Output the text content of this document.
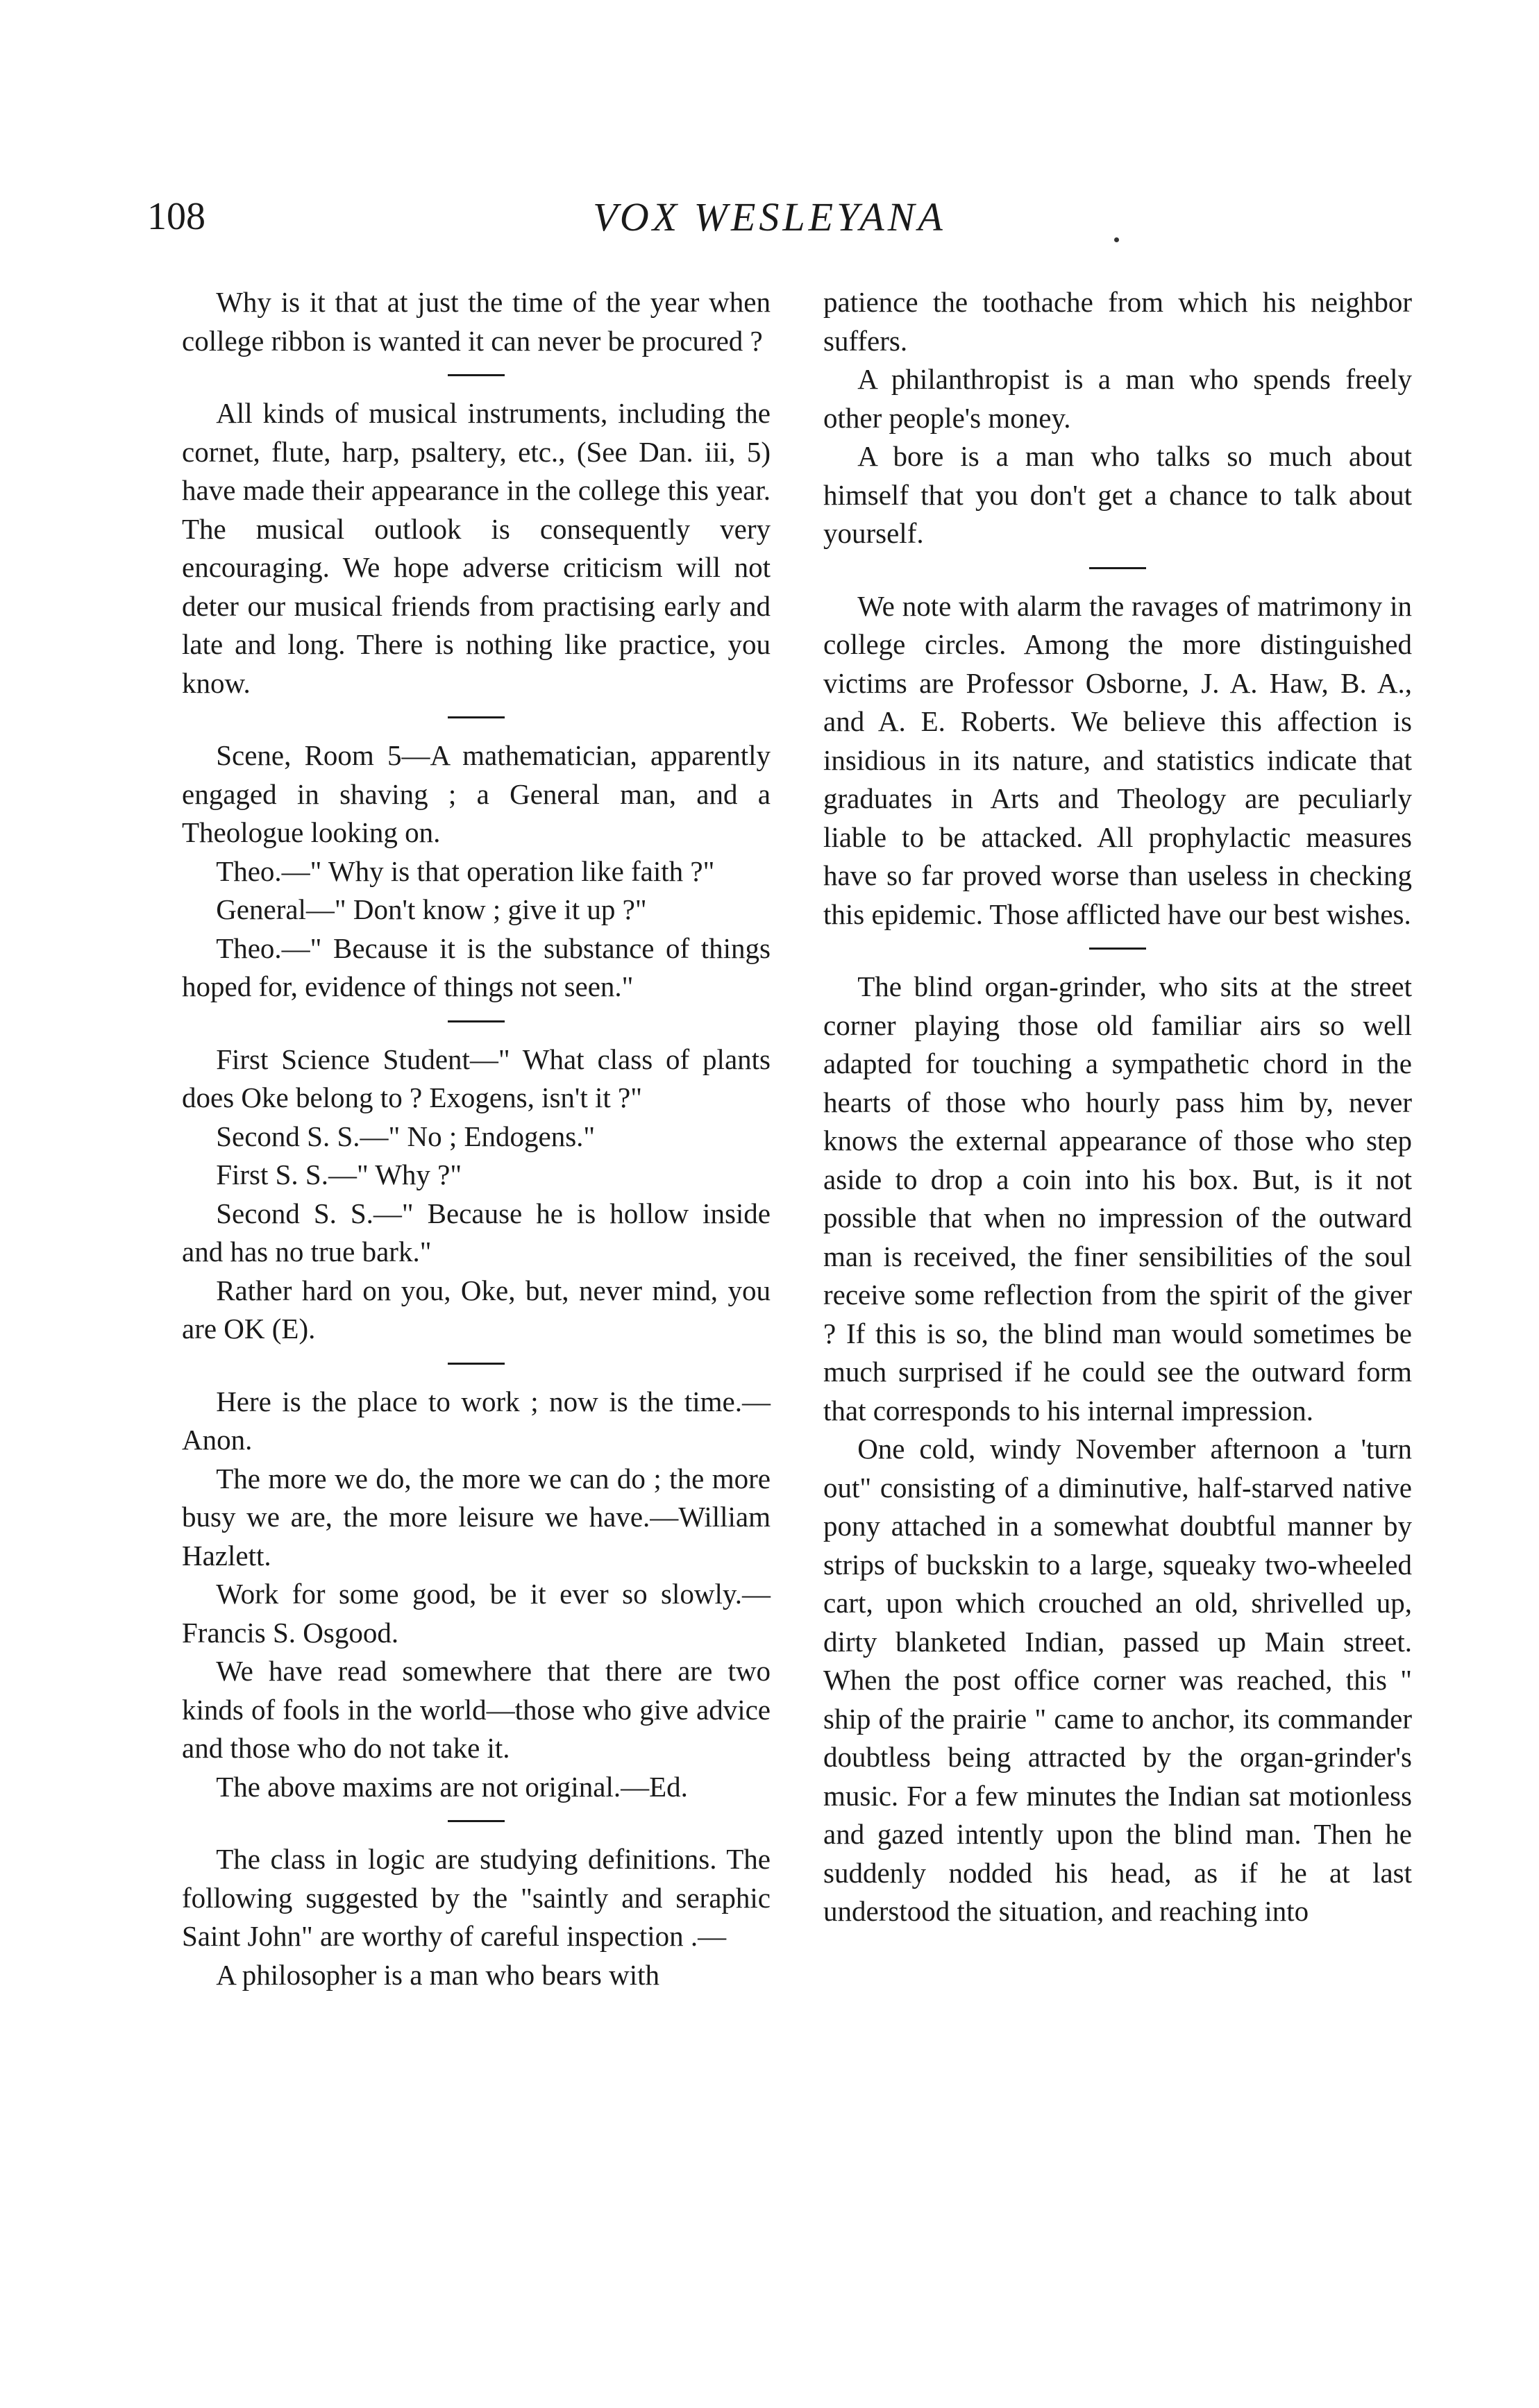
108	VOX WESLEYANA

Why is it that at just the time of the year when college ribbon is wanted it can never be procured ?

All kinds of musical instruments, including the cornet, flute, harp, psaltery, etc., (See Dan. iii, 5) have made their appearance in the college this year. The musical outlook is consequently very encouraging. We hope adverse criticism will not deter our musical friends from practising early and late and long. There is nothing like practice, you know.

Scene, Room 5—A mathematician, apparently engaged in shaving ; a General man, and a Theologue looking on.

Theo.—" Why is that operation like faith ?"

General—" Don't know ; give it up ?"

Theo.—" Because it is the substance of things hoped for, evidence of things not seen."

First Science Student—" What class of plants does Oke belong to ? Exogens, isn't it ?"

Second S. S.—" No ; Endogens."

First S. S.—" Why ?"

Second S. S.—" Because he is hollow inside and has no true bark."

Rather hard on you, Oke, but, never mind, you are OK (E).

Here is the place to work ; now is the time.—Anon.

The more we do, the more we can do ; the more busy we are, the more leisure we have.—William Hazlett.

Work for some good, be it ever so slowly.—Francis S. Osgood.

We have read somewhere that there are two kinds of fools in the world—those who give advice and those who do not take it.

The above maxims are not original.—Ed.

The class in logic are studying definitions. The following suggested by the "saintly and seraphic Saint John" are worthy of careful inspection .—

A philosopher is a man who bears with

patience the toothache from which his neighbor suffers.

A philanthropist is a man who spends freely other people's money.

A bore is a man who talks so much about himself that you don't get a chance to talk about yourself.

We note with alarm the ravages of matrimony in college circles. Among the more distinguished victims are Professor Osborne, J. A. Haw, B. A., and A. E. Roberts. We believe this affection is insidious in its nature, and statistics indicate that graduates in Arts and Theology are peculiarly liable to be attacked. All prophylactic measures have so far proved worse than useless in checking this epidemic. Those afflicted have our best wishes.

The blind organ-grinder, who sits at the street corner playing those old familiar airs so well adapted for touching a sympathetic chord in the hearts of those who hourly pass him by, never knows the external appearance of those who step aside to drop a coin into his box. But, is it not possible that when no impression of the outward man is received, the finer sensibilities of the soul receive some reflection from the spirit of the giver ? If this is so, the blind man would sometimes be much surprised if he could see the outward form that corresponds to his internal impression.

One cold, windy November afternoon a 'turn out" consisting of a diminutive, half-starved native pony attached in a somewhat doubtful manner by strips of buckskin to a large, squeaky two-wheeled cart, upon which crouched an old, shrivelled up, dirty blanketed Indian, passed up Main street. When the post office corner was reached, this " ship of the prairie " came to anchor, its commander doubtless being attracted by the organ-grinder's music. For a few minutes the Indian sat motionless and gazed intently upon the blind man. Then he suddenly nodded his head, as if he at last understood the situation, and reaching into
